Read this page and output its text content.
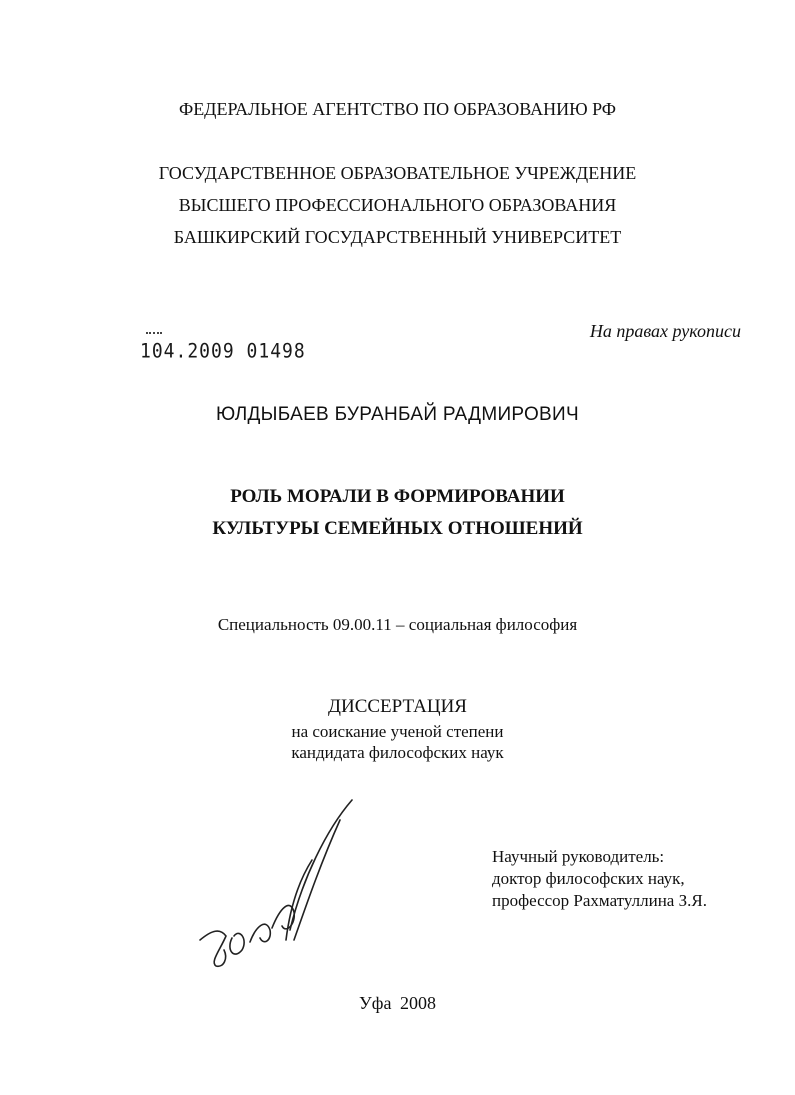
ФЕДЕРАЛЬНОЕ АГЕНТСТВО ПО ОБРАЗОВАНИЮ РФ
ГОСУДАРСТВЕННОЕ ОБРАЗОВАТЕЛЬНОЕ УЧРЕЖДЕНИЕ
ВЫСШЕГО ПРОФЕССИОНАЛЬНОГО ОБРАЗОВАНИЯ
БАШКИРСКИЙ ГОСУДАРСТВЕННЫЙ УНИВЕРСИТЕТ
На правах рукописи
104.2009 01498
ЮЛДЫБАЕВ БУРАНБАЙ РАДМИРОВИЧ
РОЛЬ МОРАЛИ В ФОРМИРОВАНИИ
КУЛЬТУРЫ СЕМЕЙНЫХ ОТНОШЕНИЙ
Специальность 09.00.11 – социальная философия
ДИССЕРТАЦИЯ
на соискание ученой степени
кандидата философских наук
Научный руководитель:
доктор философских наук,
профессор Рахматуллина З.Я.
Уфа 2008
